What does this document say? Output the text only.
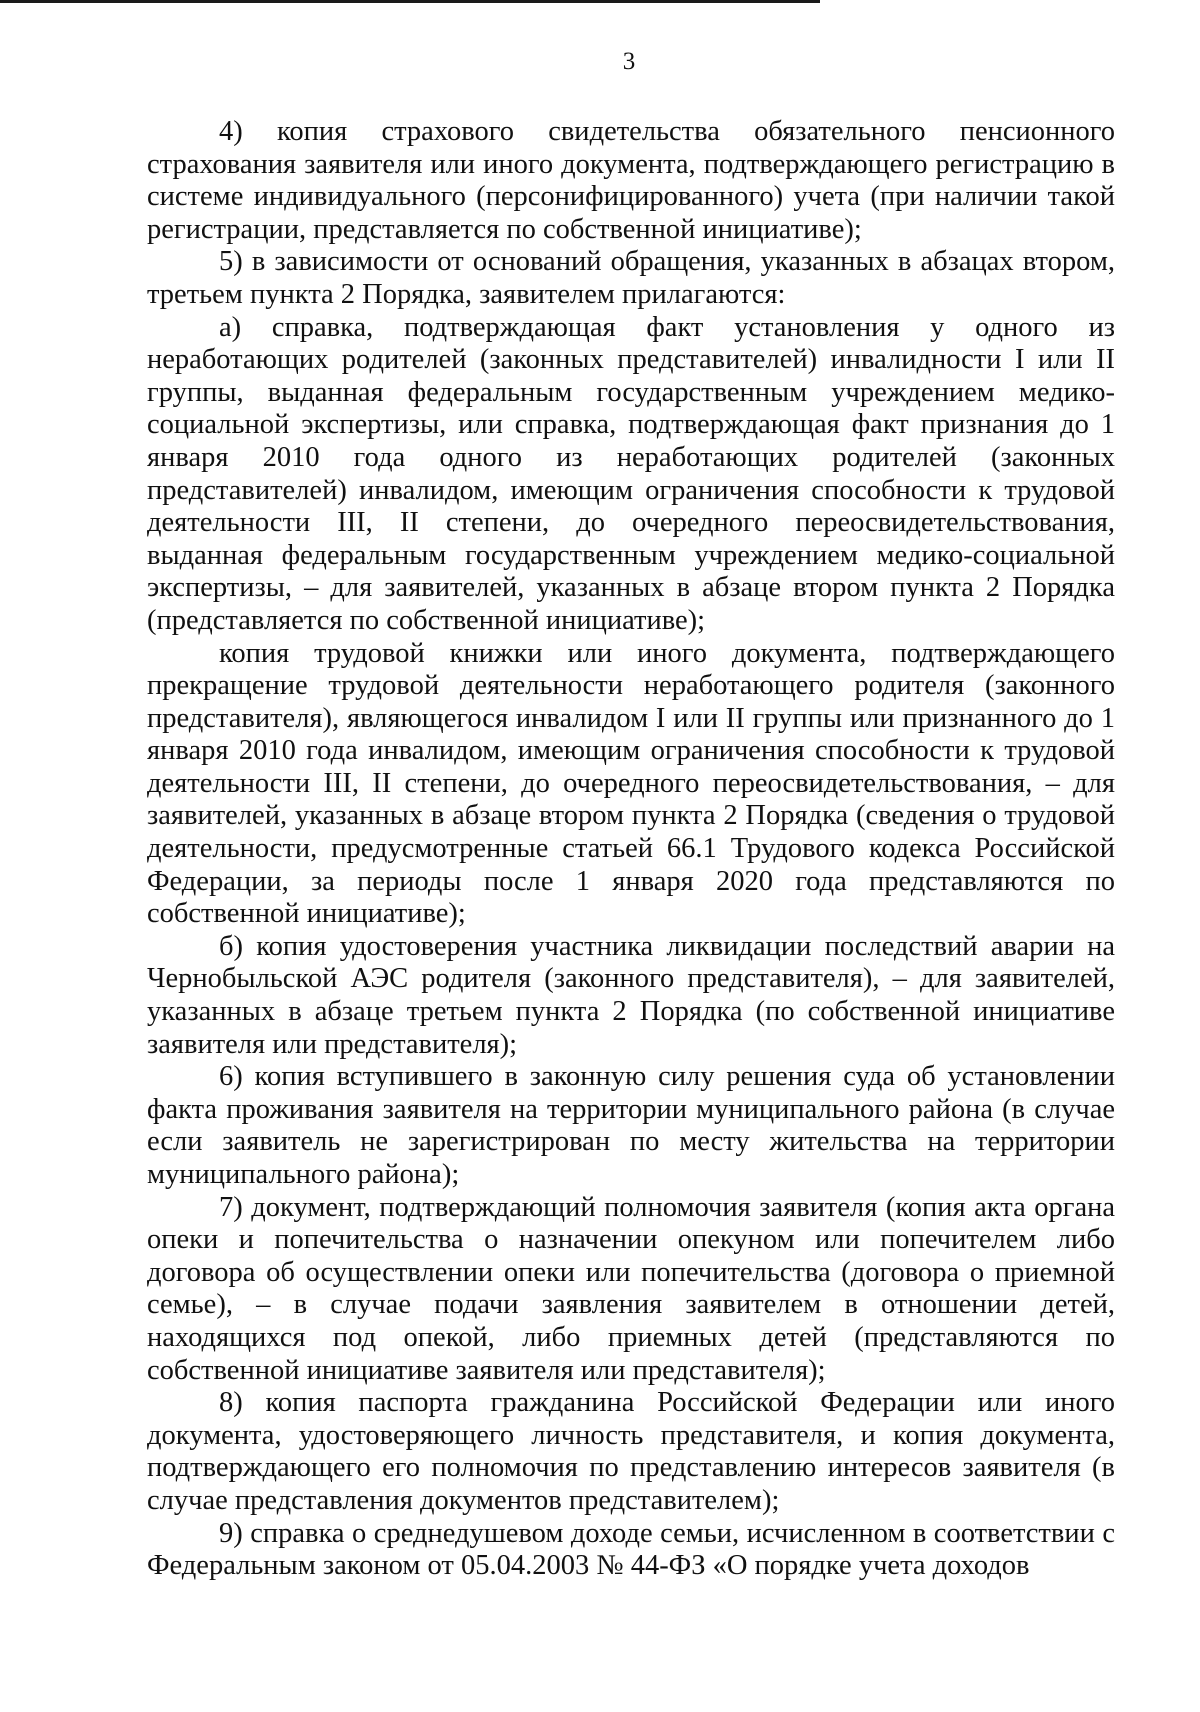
3

4) копия страхового свидетельства обязательного пенсионного страхования заявителя или иного документа, подтверждающего регистрацию в системе индивидуального (персонифицированного) учета (при наличии такой регистрации, представляется по собственной инициативе);

5) в зависимости от оснований обращения, указанных в абзацах втором, третьем пункта 2 Порядка, заявителем прилагаются:

а) справка, подтверждающая факт установления у одного из неработающих родителей (законных представителей) инвалидности I или II группы, выданная федеральным государственным учреждением медико-социальной экспертизы, или справка, подтверждающая факт признания до 1 января 2010 года одного из неработающих родителей (законных представителей) инвалидом, имеющим ограничения способности к трудовой деятельности III, II степени, до очередного переосвидетельствования, выданная федеральным государственным учреждением медико-социальной экспертизы, – для заявителей, указанных в абзаце втором пункта 2 Порядка (представляется по собственной инициативе);

копия трудовой книжки или иного документа, подтверждающего прекращение трудовой деятельности неработающего родителя (законного представителя), являющегося инвалидом I или II группы или признанного до 1 января 2010 года инвалидом, имеющим ограничения способности к трудовой деятельности III, II степени, до очередного переосвидетельствования, – для заявителей, указанных в абзаце втором пункта 2 Порядка (сведения о трудовой деятельности, предусмотренные статьей 66.1 Трудового кодекса Российской Федерации, за периоды после 1 января 2020 года представляются по собственной инициативе);

б) копия удостоверения участника ликвидации последствий аварии на Чернобыльской АЭС родителя (законного представителя), – для заявителей, указанных в абзаце третьем пункта 2 Порядка (по собственной инициативе заявителя или представителя);

6) копия вступившего в законную силу решения суда об установлении факта проживания заявителя на территории муниципального района (в случае если заявитель не зарегистрирован по месту жительства на территории муниципального района);

7) документ, подтверждающий полномочия заявителя (копия акта органа опеки и попечительства о назначении опекуном или попечителем либо договора об осуществлении опеки или попечительства (договора о приемной семье), – в случае подачи заявления заявителем в отношении детей, находящихся под опекой, либо приемных детей (представляются по собственной инициативе заявителя или представителя);

8) копия паспорта гражданина Российской Федерации или иного документа, удостоверяющего личность представителя, и копия документа, подтверждающего его полномочия по представлению интересов заявителя (в случае представления документов представителем);

9) справка о среднедушевом доходе семьи, исчисленном в соответствии с Федеральным законом от 05.04.2003 № 44-ФЗ «О порядке учета доходов
